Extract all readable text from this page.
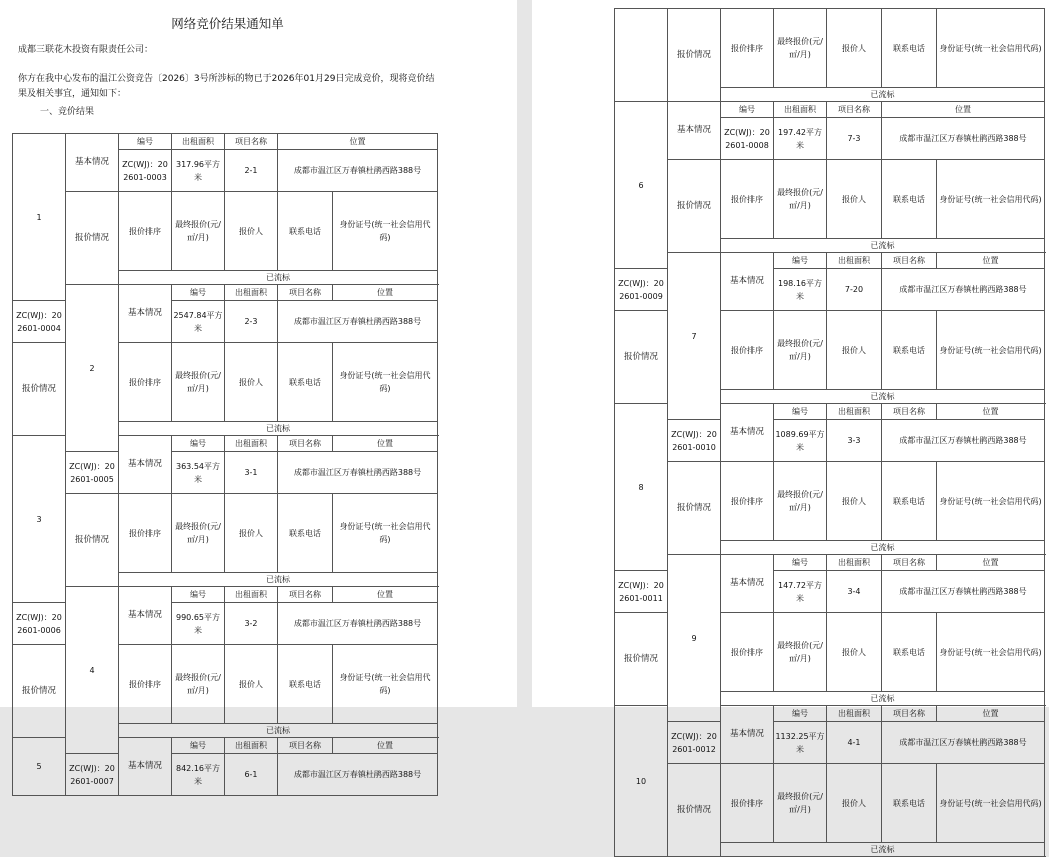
网络竞价结果通知单
成都三联花木投资有限责任公司：
你方在我中心发布的温江公资竞告〔2026〕3号所涉标的物已于2026年01月29日完成竞价，现将竞价结果及相关事宜，通知如下：
一、竞价结果
1	基本情况	编号	出租面积	项目名称	位置		
		ZC(WJ)：202601-0003	317.96平方米	2-1	成都市温江区万春镇杜鹃西路388号		
	报价情况	报价排序	最终报价(元/㎡/月)	报价人	联系电话	身份证号(统一社会信用代码)	
		已流标					
	2	基本情况	编号	出租面积	项目名称	位置	
ZC(WJ)：202601-0004			2547.84平方米	2-3	成都市温江区万春镇杜鹃西路388号		
报价情况		报价排序	最终报价(元/㎡/月)	报价人	联系电话	身份证号(统一社会信用代码)	
		已流标					
3		基本情况	编号	出租面积	项目名称	位置	
	ZC(WJ)：202601-0005		363.54平方米	3-1	成都市温江区万春镇杜鹃西路388号		
	报价情况	报价排序	最终报价(元/㎡/月)	报价人	联系电话	身份证号(统一社会信用代码)	
		已流标					
	4	基本情况	编号	出租面积	项目名称	位置	
ZC(WJ)：202601-0006			990.65平方米	3-2	成都市温江区万春镇杜鹃西路388号		
报价情况		报价排序	最终报价(元/㎡/月)	报价人	联系电话	身份证号(统一社会信用代码)	
		已流标					
5		基本情况	编号	出租面积	项目名称	位置	
	ZC(WJ)：202601-0007		842.16平方米	6-1	成都市温江区万春镇杜鹃西路388号		
	报价情况	报价排序	最终报价(元/㎡/月)	报价人	联系电话	身份证号(统一社会信用代码)	
		已流标					
6	基本情况	编号	出租面积	项目名称	位置		
		ZC(WJ)：202601-0008	197.42平方米	7-3	成都市温江区万春镇杜鹃西路388号		
	报价情况	报价排序	最终报价(元/㎡/月)	报价人	联系电话	身份证号(统一社会信用代码)	
		已流标					
	7	基本情况	编号	出租面积	项目名称	位置	
ZC(WJ)：202601-0009			198.16平方米	7-20	成都市温江区万春镇杜鹃西路388号		
报价情况		报价排序	最终报价(元/㎡/月)	报价人	联系电话	身份证号(统一社会信用代码)	
		已流标					
8		基本情况	编号	出租面积	项目名称	位置	
	ZC(WJ)：202601-0010		1089.69平方米	3-3	成都市温江区万春镇杜鹃西路388号		
	报价情况	报价排序	最终报价(元/㎡/月)	报价人	联系电话	身份证号(统一社会信用代码)	
		已流标					
	9	基本情况	编号	出租面积	项目名称	位置	
ZC(WJ)：202601-0011			147.72平方米	3-4	成都市温江区万春镇杜鹃西路388号		
报价情况		报价排序	最终报价(元/㎡/月)	报价人	联系电话	身份证号(统一社会信用代码)	
		已流标					
10		基本情况	编号	出租面积	项目名称	位置	
	ZC(WJ)：202601-0012		1132.25平方米	4-1	成都市温江区万春镇杜鹃西路388号		
	报价情况	报价排序	最终报价(元/㎡/月)	报价人	联系电话	身份证号(统一社会信用代码)	
		已流标					
